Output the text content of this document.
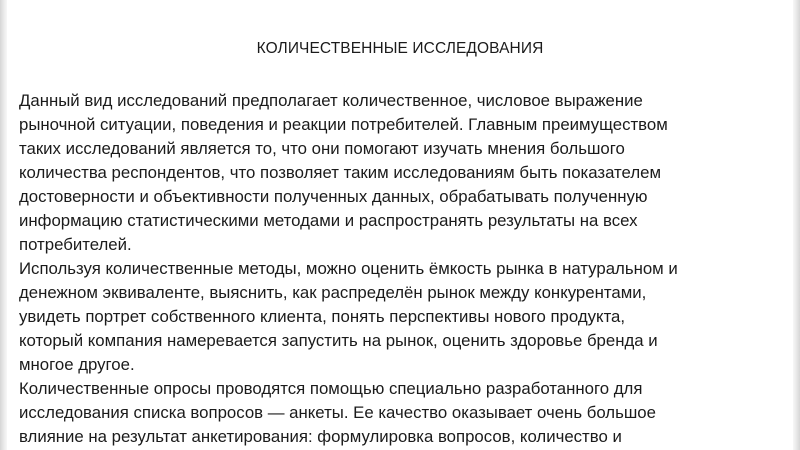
КОЛИЧЕСТВЕННЫЕ ИССЛЕДОВАНИЯ
Данный вид исследований предполагает количественное, числовое выражение
рыночной ситуации, поведения и реакции потребителей. Главным преимуществом
таких исследований является то, что они помогают изучать мнения большого
количества респондентов, что позволяет таким исследованиям быть показателем
достоверности и объективности полученных данных, обрабатывать полученную
информацию статистическими методами и распространять результаты на всех
потребителей.
Используя количественные методы, можно оценить ёмкость рынка в натуральном и
денежном эквиваленте, выяснить, как распределён рынок между конкурентами,
увидеть портрет собственного клиента, понять перспективы нового продукта,
который компания намеревается запустить на рынок, оценить здоровье бренда и
многое другое.
Количественные опросы проводятся помощью специально разработанного для
исследования списка вопросов — анкеты. Ее качество оказывает очень большое
влияние на результат анкетирования: формулировка вопросов, количество и
